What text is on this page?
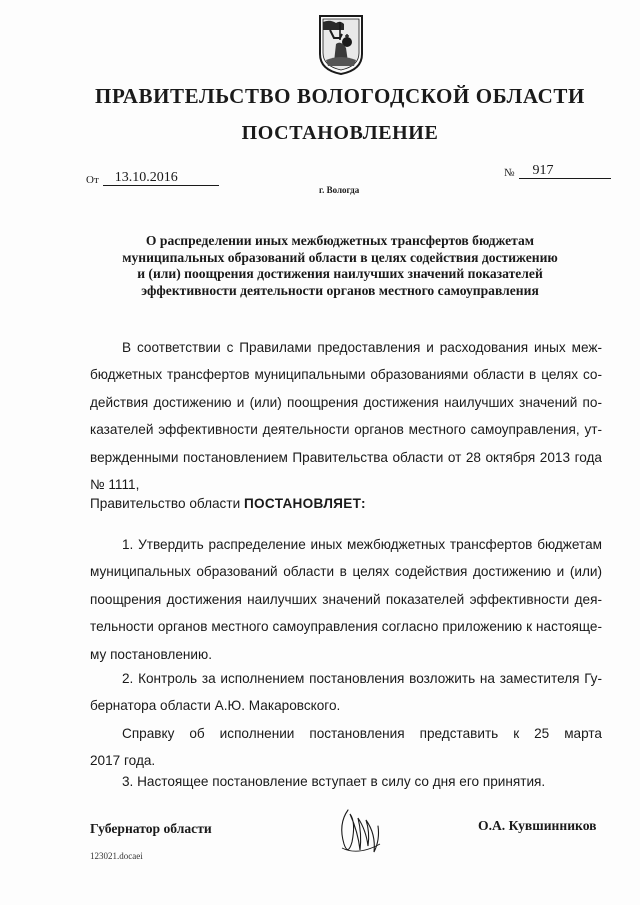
ПРАВИТЕЛЬСТВО ВОЛОГОДСКОЙ ОБЛАСТИ
ПОСТАНОВЛЕНИЕ
От	13.10.2016
г. Вологда
№	917
О распределении иных межбюджетных трансфертов бюджетам
муниципальных образований области в целях содействия достижению
и (или) поощрения достижения наилучших значений показателей
эффективности деятельности органов местного самоуправления
В соответствии с Правилами предоставления и расходования иных меж-
бюджетных трансфертов муниципальными образованиями области в целях со-
действия достижению и (или) поощрения достижения наилучших значений по-
казателей эффективности деятельности органов местного самоуправления, ут-
вержденными постановлением Правительства области от 28 октября 2013 года
№ 1111,
Правительство области ПОСТАНОВЛЯЕТ:
1. Утвердить распределение иных межбюджетных трансфертов бюджетам
муниципальных образований области в целях содействия достижению и (или)
поощрения достижения наилучших значений показателей эффективности дея-
тельности органов местного самоуправления согласно приложению к настояще-
му постановлению.
2. Контроль за исполнением постановления возложить на заместителя Гу-
бернатора области А.Ю. Макаровского.
Справку об исполнении постановления представить к 25 марта
2017 года.
3. Настоящее постановление вступает в силу со дня его принятия.
Губернатор области	О.А. Кувшинников
123021.docaei
